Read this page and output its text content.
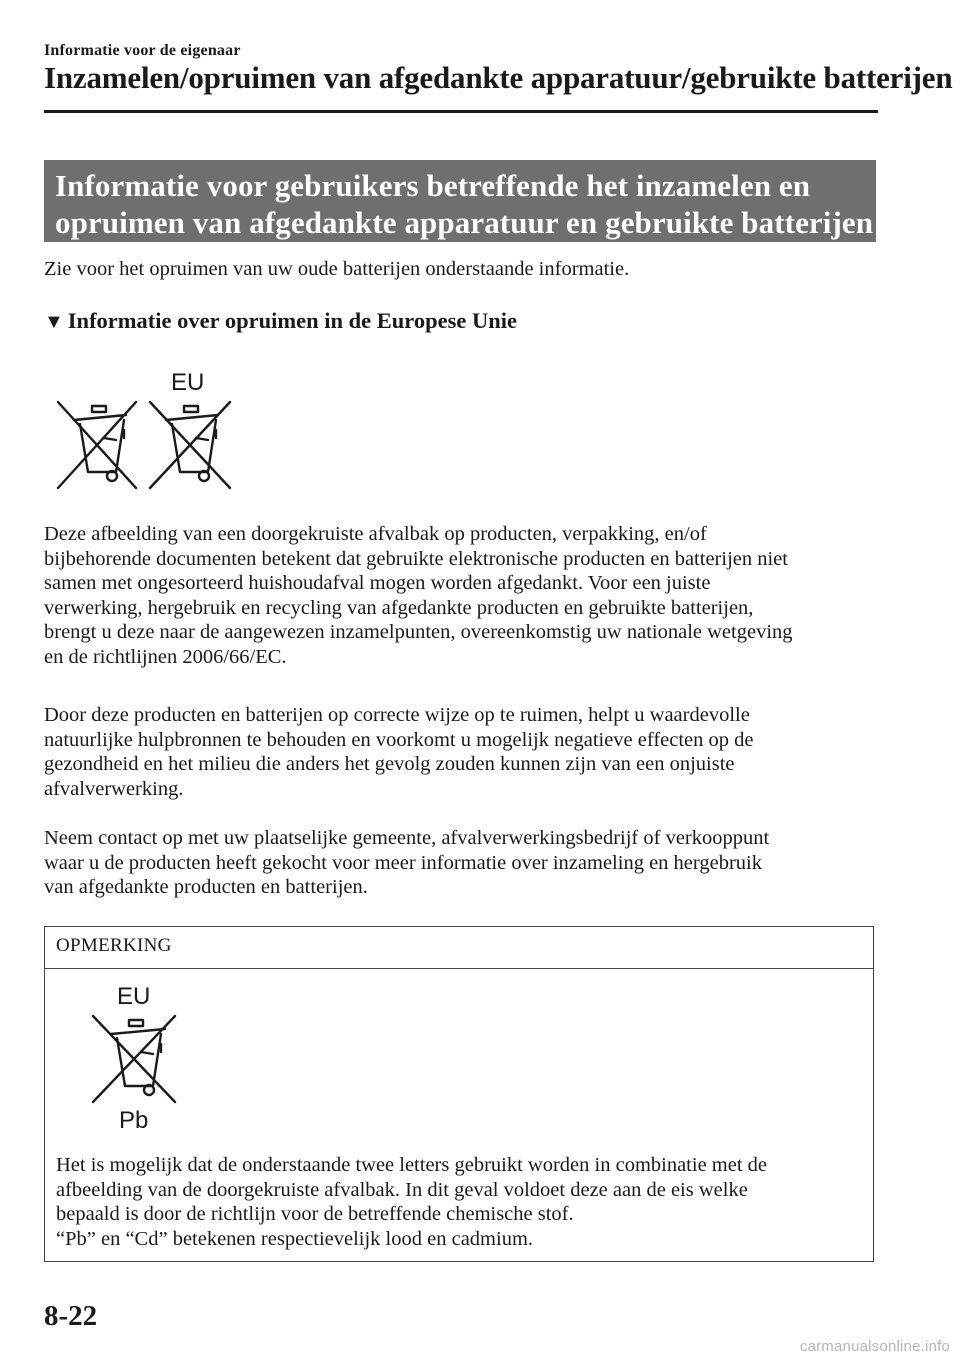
Informatie voor de eigenaar
Inzamelen/opruimen van afgedankte apparatuur/gebruikte batterijen
Informatie voor gebruikers betreffende het inzamelen en
opruimen van afgedankte apparatuur en gebruikte batterijen
Zie voor het opruimen van uw oude batterijen onderstaande informatie.
▼ Informatie over opruimen in de Europese Unie
EU
Deze afbeelding van een doorgekruiste afvalbak op producten, verpakking, en/of
bijbehorende documenten betekent dat gebruikte elektronische producten en batterijen niet
samen met ongesorteerd huishoudafval mogen worden afgedankt. Voor een juiste
verwerking, hergebruik en recycling van afgedankte producten en gebruikte batterijen,
brengt u deze naar de aangewezen inzamelpunten, overeenkomstig uw nationale wetgeving
en de richtlijnen 2006/66/EC.
Door deze producten en batterijen op correcte wijze op te ruimen, helpt u waardevolle
natuurlijke hulpbronnen te behouden en voorkomt u mogelijk negatieve effecten op de
gezondheid en het milieu die anders het gevolg zouden kunnen zijn van een onjuiste
afvalverwerking.
Neem contact op met uw plaatselijke gemeente, afvalverwerkingsbedrijf of verkooppunt
waar u de producten heeft gekocht voor meer informatie over inzameling en hergebruik
van afgedankte producten en batterijen.
OPMERKING
EU
Pb
Het is mogelijk dat de onderstaande twee letters gebruikt worden in combinatie met de
afbeelding van de doorgekruiste afvalbak. In dit geval voldoet deze aan de eis welke
bepaald is door de richtlijn voor de betreffende chemische stof.
“Pb” en “Cd” betekenen respectievelijk lood en cadmium.
8-22
carmanualsonline.info
